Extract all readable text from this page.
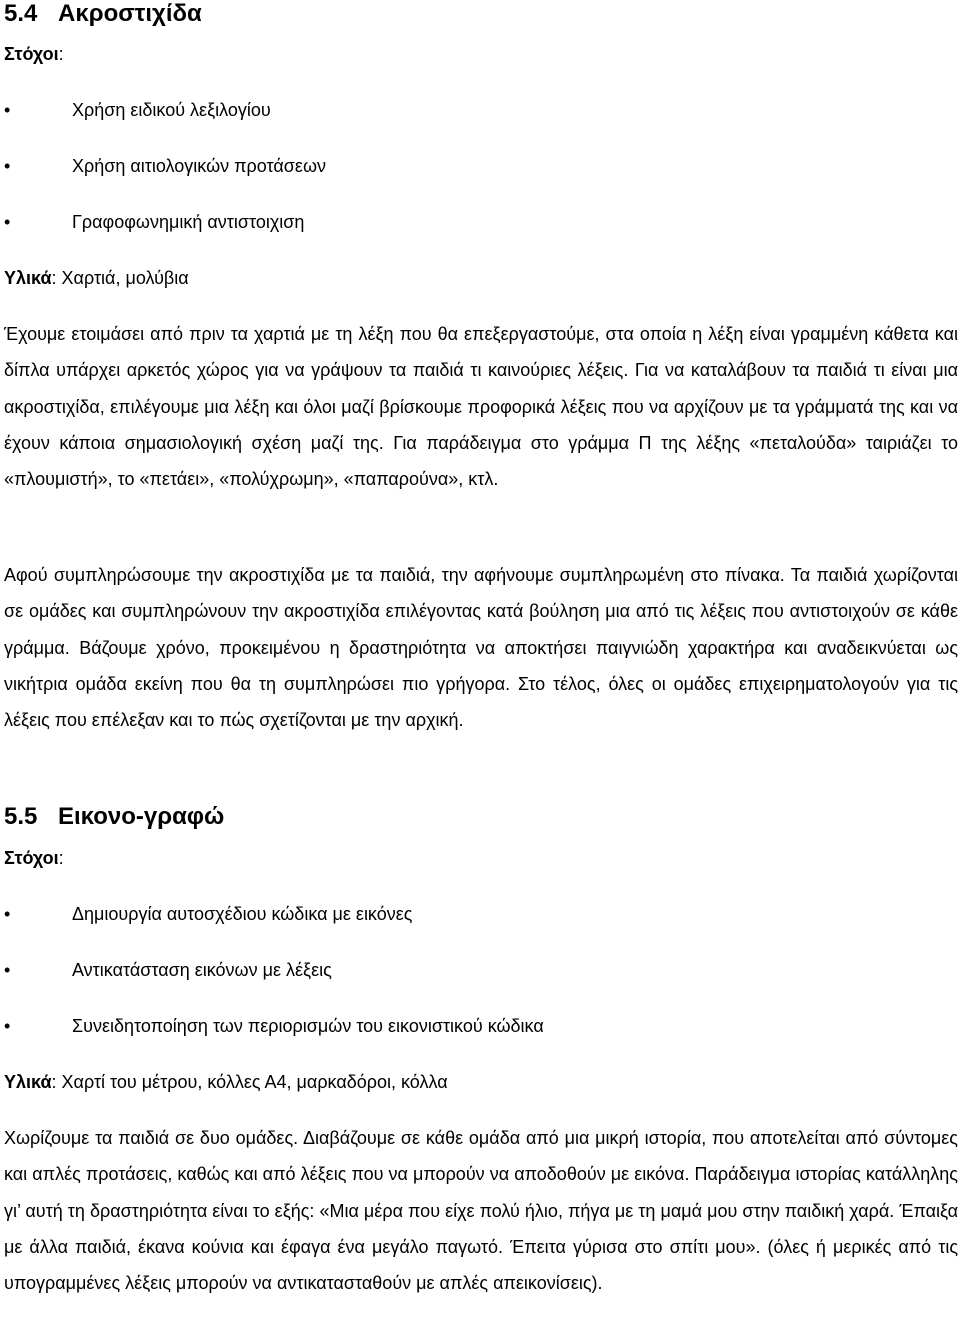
5.4 Ακροστιχίδα
Στόχοι:
•	Χρήση ειδικού λεξιλογίου
•	Χρήση αιτιολογικών προτάσεων
•	Γραφοφωνημική αντιστοιχιση
Υλικά: Χαρτιά, μολύβια

Έχουμε ετοιμάσει από πριν τα χαρτιά με τη λέξη που θα επεξεργαστούμε, στα οποία η λέξη είναι γραμμένη κάθετα και δίπλα υπάρχει αρκετός χώρος για να γράψουν τα παιδιά τι καινούριες λέξεις. Για να καταλάβουν τα παιδιά τι είναι μια ακροστιχίδα, επιλέγουμε μια λέξη και όλοι μαζί βρίσκουμε προφορικά λέξεις που να αρχίζουν με τα γράμματά της και να έχουν κάποια σημασιολογική σχέση μαζί της. Για παράδειγμα στο γράμμα Π της λέξης «πεταλούδα» ταιριάζει το «πλουμιστή», το «πετάει», «πολύχρωμη», «παπαρούνα», κτλ.

Αφού συμπληρώσουμε την ακροστιχίδα με τα παιδιά, την αφήνουμε συμπληρωμένη στο πίνακα. Τα παιδιά χωρίζονται σε ομάδες και συμπληρώνουν την ακροστιχίδα επιλέγοντας κατά βούληση μια από τις λέξεις που αντιστοιχούν σε κάθε γράμμα. Βάζουμε χρόνο, προκειμένου η δραστηριότητα να αποκτήσει παιγνιώδη χαρακτήρα και αναδεικνύεται ως νικήτρια ομάδα εκείνη που θα τη συμπληρώσει πιο γρήγορα. Στο τέλος, όλες οι ομάδες επιχειρηματολογούν για τις λέξεις που επέλεξαν και το πώς σχετίζονται με την αρχική.

5.5 Εικονο-γραφώ
Στόχοι:
•	Δημιουργία αυτοσχέδιου κώδικα με εικόνες
•	Αντικατάσταση εικόνων με λέξεις
•	Συνειδητοποίηση των περιορισμών του εικονιστικού κώδικα
Υλικά: Χαρτί του μέτρου, κόλλες Α4, μαρκαδόροι, κόλλα

Χωρίζουμε τα παιδιά σε δυο ομάδες. Διαβάζουμε σε κάθε ομάδα από μια μικρή ιστορία, που αποτελείται από σύντομες και απλές προτάσεις, καθώς και από λέξεις που να μπορούν να αποδοθούν με εικόνα. Παράδειγμα ιστορίας κατάλληλης γι’ αυτή τη δραστηριότητα είναι το εξής: «Μια μέρα που είχε πολύ ήλιο, πήγα με τη μαμά μου στην παιδική χαρά. Έπαιξα με άλλα παιδιά, έκανα κούνια και έφαγα ένα μεγάλο παγωτό. Έπειτα γύρισα στο σπίτι μου». (όλες ή μερικές από τις υπογραμμένες λέξεις μπορούν να αντικατασταθούν με απλές απεικονίσεις).
